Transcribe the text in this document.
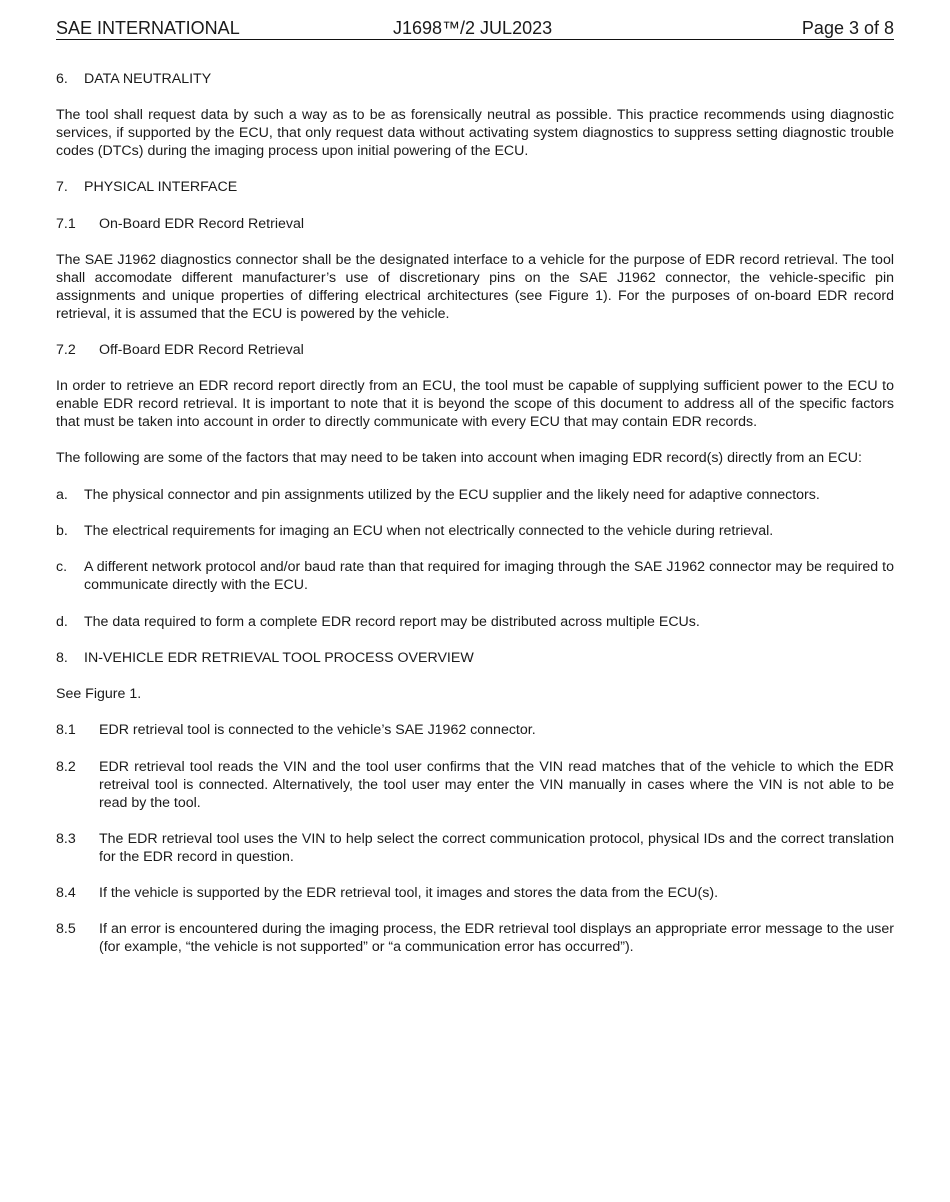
SAE INTERNATIONAL	J1698™/2 JUL2023	Page 3 of 8
6.	DATA NEUTRALITY

The tool shall request data by such a way as to be as forensically neutral as possible. This practice recommends using diagnostic services, if supported by the ECU, that only request data without activating system diagnostics to suppress setting diagnostic trouble codes (DTCs) during the imaging process upon initial powering of the ECU.

7.	PHYSICAL INTERFACE
7.1	On-Board EDR Record Retrieval

The SAE J1962 diagnostics connector shall be the designated interface to a vehicle for the purpose of EDR record retrieval. The tool shall accomodate different manufacturer’s use of discretionary pins on the SAE J1962 connector, the vehicle-specific pin assignments and unique properties of differing electrical architectures (see Figure 1). For the purposes of on-board EDR record retrieval, it is assumed that the ECU is powered by the vehicle.

7.2	Off-Board EDR Record Retrieval

In order to retrieve an EDR record report directly from an ECU, the tool must be capable of supplying sufficient power to the ECU to enable EDR record retrieval. It is important to note that it is beyond the scope of this document to address all of the specific factors that must be taken into account in order to directly communicate with every ECU that may contain EDR records.

The following are some of the factors that may need to be taken into account when imaging EDR record(s) directly from an ECU:

a.	The physical connector and pin assignments utilized by the ECU supplier and the likely need for adaptive connectors.
b.	The electrical requirements for imaging an ECU when not electrically connected to the vehicle during retrieval.
c.	A different network protocol and/or baud rate than that required for imaging through the SAE J1962 connector may be required to communicate directly with the ECU.
d.	The data required to form a complete EDR record report may be distributed across multiple ECUs.
8.	IN-VEHICLE EDR RETRIEVAL TOOL PROCESS OVERVIEW

See Figure 1.

8.1	EDR retrieval tool is connected to the vehicle’s SAE J1962 connector.
8.2	EDR retrieval tool reads the VIN and the tool user confirms that the VIN read matches that of the vehicle to which the EDR retreival tool is connected. Alternatively, the tool user may enter the VIN manually in cases where the VIN is not able to be read by the tool.
8.3	The EDR retrieval tool uses the VIN to help select the correct communication protocol, physical IDs and the correct translation for the EDR record in question.
8.4	If the vehicle is supported by the EDR retrieval tool, it images and stores the data from the ECU(s).
8.5	If an error is encountered during the imaging process, the EDR retrieval tool displays an appropriate error message to the user (for example, “the vehicle is not supported” or “a communication error has occurred”).
